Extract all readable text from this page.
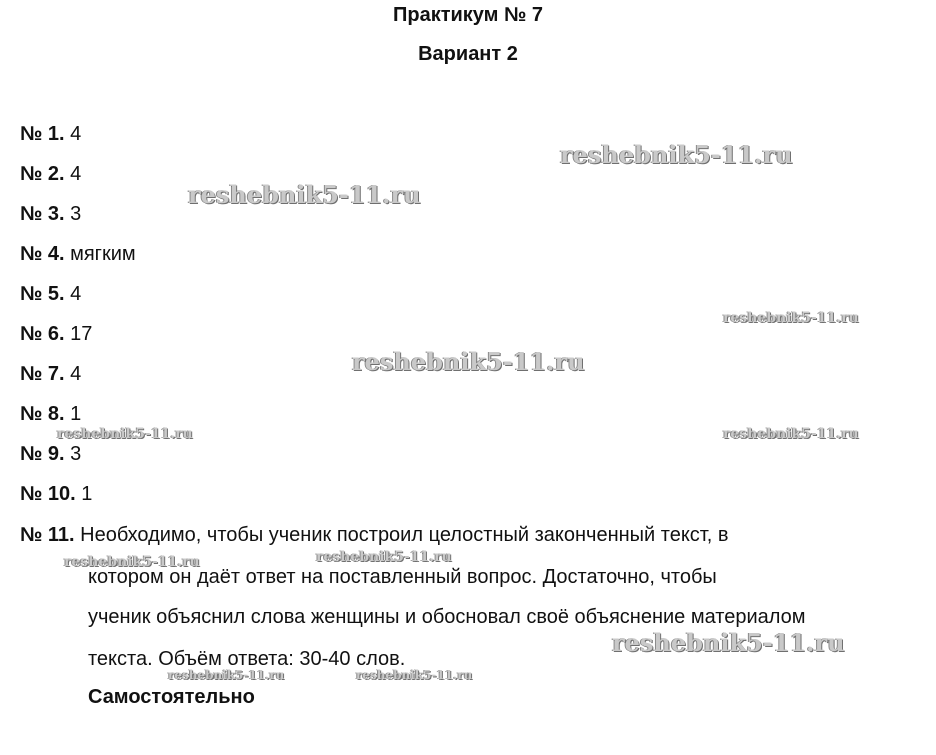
Практикум № 7
Вариант 2
№ 1. 4
№ 2. 4
№ 3. 3
№ 4. мягким
№ 5. 4
№ 6. 17
№ 7. 4
№ 8. 1
№ 9. 3
№ 10. 1
№ 11. Необходимо, чтобы ученик построил целостный законченный текст, в
котором он даёт ответ на поставленный вопрос. Достаточно, чтобы
ученик объяснил слова женщины и обосновал своё объяснение материалом
текста. Объём ответа: 30-40 слов.
Самостоятельно
reshebnik5-11.ru
reshebnik5-11.ru
reshebnik5-11.ru
reshebnik5-11.ru
reshebnik5-11.ru	reshebnik5-11.ru
reshebnik5-11.ru	reshebnik5-11.ru
reshebnik5-11.ru
reshebnik5-11.ru	reshebnik5-11.ru
